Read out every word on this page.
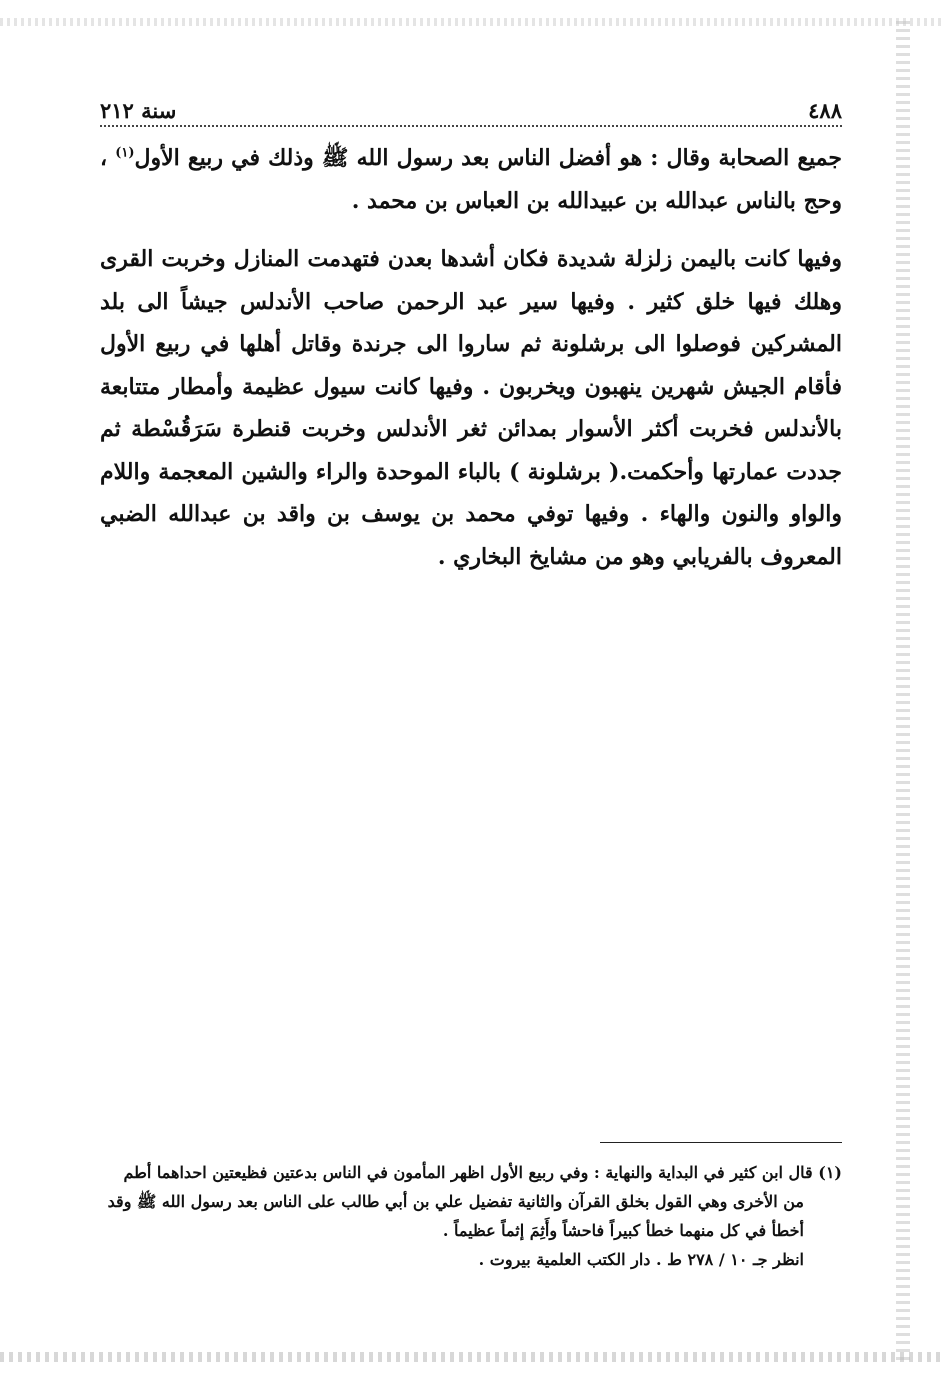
٤٨٨
سنة ٢١٢

جميع الصحابة وقال : هو أفضل الناس بعد رسول الله ﷺ وذلك في ربيع الأول$^{(١)}$ ، وحج بالناس عبدالله بن عبيدالله بن العباس بن محمد .

وفيها كانت باليمن زلزلة شديدة فكان أشدها بعدن فتهدمت المنازل وخربت القرى وهلك فيها خلق كثير . وفيها سير عبد الرحمن صاحب الأندلس جيشاً الى بلد المشركين فوصلوا الى برشلونة ثم ساروا الى جرندة وقاتل أهلها في ربيع الأول فأقام الجيش شهرين ينهبون ويخربون . وفيها كانت سيول عظيمة وأمطار متتابعة بالأندلس فخربت أكثر الأسوار بمدائن ثغر الأندلس وخربت قنطرة سَرَقُسْطة ثم جددت عمارتها وأحكمت.( برشلونة ) بالباء الموحدة والراء والشين المعجمة واللام والواو والنون والهاء . وفيها توفي محمد بن يوسف بن واقد بن عبدالله الضبي المعروف بالفريابي وهو من مشايخ البخاري .

(١) قال ابن كثير في البداية والنهاية : وفي ربيع الأول اظهر المأمون في الناس بدعتين فظيعتين احداهما أطم

من الأخرى وهي القول بخلق القرآن والثانية تفضيل علي بن أبي طالب على الناس بعد رسول الله ﷺ وقد

أخطأ في كل منهما خطأ كبيراً فاحشاً وأَثِمَ إثماً عظيماً .

انظر جـ ١٠ / ٢٧٨ ط . دار الكتب العلمية بيروت .
